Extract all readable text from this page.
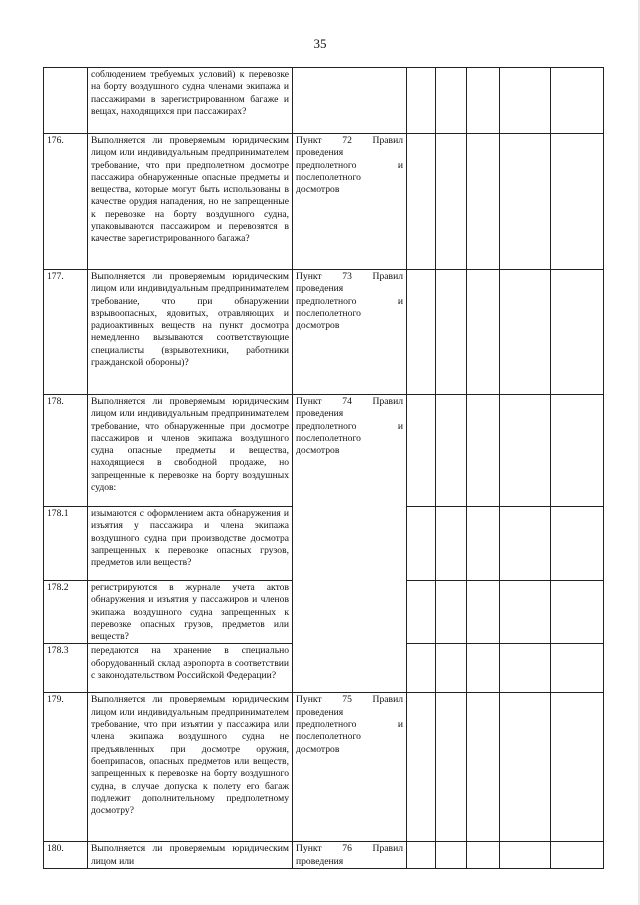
35
	соблюдением требуемых условий) к перевозке на борту воздушного судна членами экипажа и пассажирами в зарегистрированном багаже и вещах, находящихся при пассажирах?						
176.	Выполняется ли проверяемым юридическим лицом или индивидуальным предпринимателем требование, что при предполетном досмотре пассажира обнаруженные опасные предметы и вещества, которые могут быть использованы в качестве орудия нападения, но не запрещенные к перевозке на борту воздушного судна, упаковываются пассажиром и перевозятся в качестве зарегистрированного багажа?	Пункт 72 Правил проведения предполетного и послеполетного досмотров					
177.	Выполняется ли проверяемым юридическим лицом или индивидуальным предпринимателем требование, что при обнаружении взрывоопасных, ядовитых, отравляющих и радиоактивных веществ на пункт досмотра немедленно вызываются соответствующие специалисты (взрывотехники, работники гражданской обороны)?	Пункт 73 Правил проведения предполетного и послеполетного досмотров					
178.	Выполняется ли проверяемым юридическим лицом или индивидуальным предпринимателем требование, что обнаруженные при досмотре пассажиров и членов экипажа воздушного судна опасные предметы и вещества, находящиеся в свободной продаже, но запрещенные к перевозке на борту воздушных судов:	Пункт 74 Правил проведения предполетного и послеполетного досмотров					
178.1	изымаются с оформлением акта обнаружения и изъятия у пассажира и члена экипажа воздушного судна при производстве досмотра запрещенных к перевозке опасных грузов, предметов или веществ?						
178.2	регистрируются в журнале учета актов обнаружения и изъятия у пассажиров и членов экипажа воздушного судна запрещенных к перевозке опасных грузов, предметов или веществ?						
178.3	передаются на хранение в специально оборудованный склад аэропорта в соответствии с законодательством Российской Федерации?						
179.	Выполняется ли проверяемым юридическим лицом или индивидуальным предпринимателем требование, что при изъятии у пассажира или члена экипажа воздушного судна не предъявленных при досмотре оружия, боеприпасов, опасных предметов или веществ, запрещенных к перевозке на борту воздушного судна, в случае допуска к полету его багаж подлежит дополнительному предполетному досмотру?	Пункт 75 Правил проведения предполетного и послеполетного досмотров					
180.	Выполняется ли проверяемым юридическим лицом или	Пункт 76 Правил проведения					
